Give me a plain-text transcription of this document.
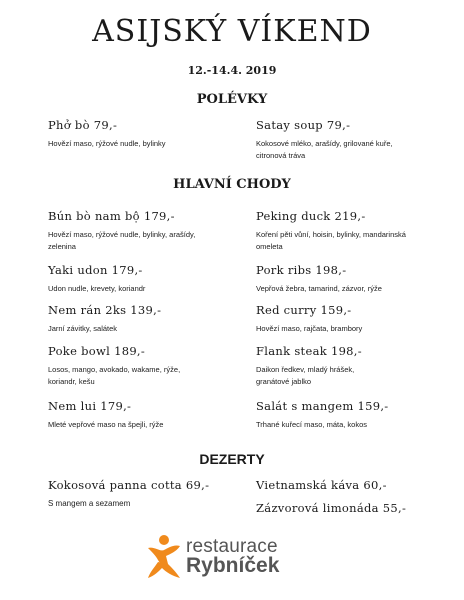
ASIJSKÝ VÍKEND
12.-14.4. 2019
POLÉVKY
Phở bò 79,-
Hovězí maso, rýžové nudle, bylinky
Satay soup 79,-
Kokosové mléko, arašídy, grilované kuře, citronová tráva
HLAVNÍ CHODY
Bún bò nam bộ 179,-
Hovězí maso, rýžové nudle, bylinky, arašídy, zelenina
Yaki udon 179,-
Udon nudle, krevety, koriandr
Nem rán 2ks 139,-
Jarní závitky, salátek
Poke bowl 189,-
Losos, mango, avokado, wakame, rýže, koriandr, kešu
Nem lui 179,-
Mleté vepřové maso na špejli, rýže
Peking duck 219,-
Koření pěti vůní, hoisin, bylinky, mandarinská omeleta
Pork ribs 198,-
Vepřová žebra, tamarind, zázvor, rýže
Red curry 159,-
Hovězí maso, rajčata, brambory
Flank steak 198,-
Daikon ředkev, mladý hrášek, granátové jablko
Salát s mangem 159,-
Trhané kuřecí maso, máta, kokos
DEZERTY
Kokosová panna cotta 69,-
S mangem a sezamem
Vietnamská káva 60,-
Zázvorová limonáda 55,-
restaurace
Rybníček
